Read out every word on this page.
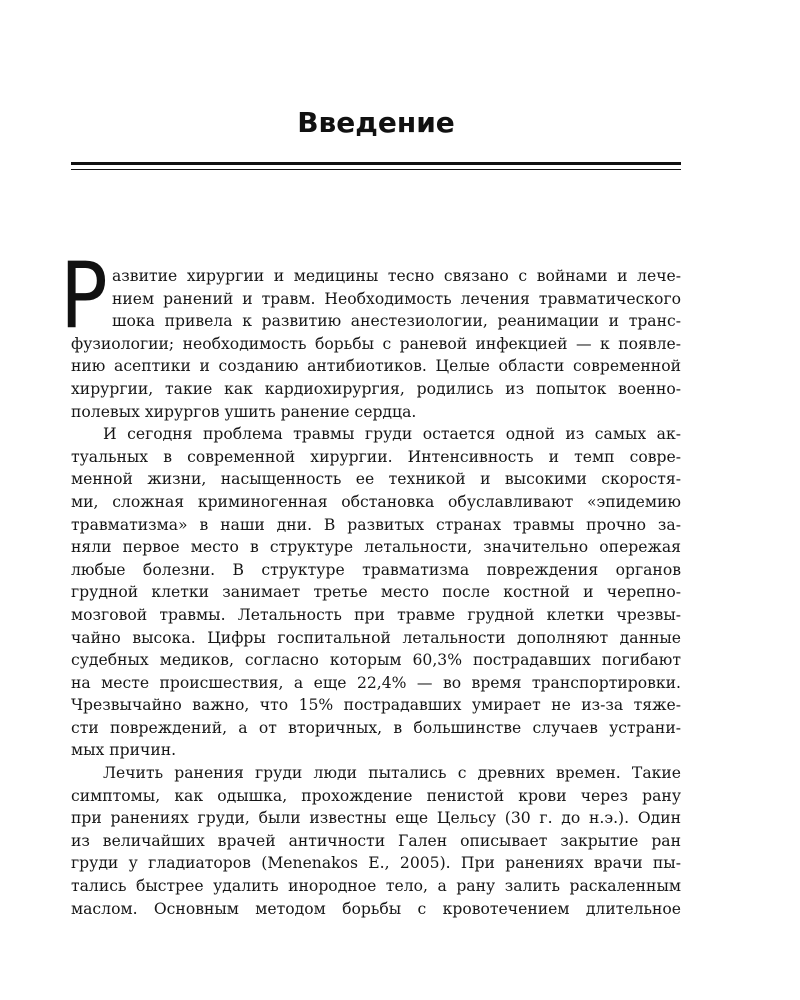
Введение
азвитие хирургии и медицины тесно связано с войнами и лече-
нием ранений и травм. Необходимость лечения травматического
шока привела к развитию анестезиологии, реанимации и транс-
фузиологии; необходимость борьбы с раневой инфекцией — к появле-
нию асептики и созданию антибиотиков. Целые области современной
хирургии, такие как кардиохирургия, родились из попыток военно-
полевых хирургов ушить ранение сердца.
И сегодня проблема травмы груди остается одной из самых ак-
туальных в современной хирургии. Интенсивность и темп совре-
менной жизни, насыщенность ее техникой и высокими скоростя-
ми, сложная криминогенная обстановка обуславливают «эпидемию
травматизма» в наши дни. В развитых странах травмы прочно за-
няли первое место в структуре летальности, значительно опережая
любые болезни. В структуре травматизма повреждения органов
грудной клетки занимает третье место после костной и черепно-
мозговой травмы. Летальность при травме грудной клетки чрезвы-
чайно высока. Цифры госпитальной летальности дополняют данные
судебных медиков, согласно которым 60,3% пострадавших погибают
на месте происшествия, а еще 22,4% — во время транспортировки.
Чрезвычайно важно, что 15% пострадавших умирает не из-за тяже-
сти повреждений, а от вторичных, в большинстве случаев устрани-
мых причин.
Лечить ранения груди люди пытались с древних времен. Такие
симптомы, как одышка, прохождение пенистой крови через рану
при ранениях груди, были известны еще Цельсу (30 г. до н.э.). Один
из величайших врачей античности Гален описывает закрытие ран
груди у гладиаторов (Menenakos E., 2005). При ранениях врачи пы-
тались быстрее удалить инородное тело, а рану залить раскаленным
маслом. Основным методом борьбы с кровотечением длительное
Р
